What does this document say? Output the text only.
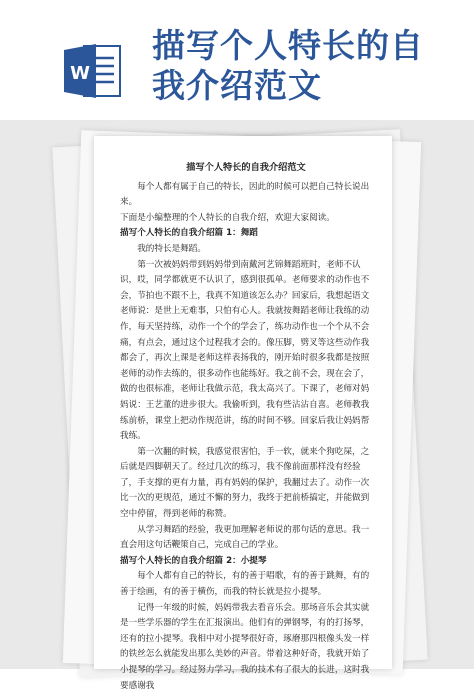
W
描写个人特长的自我介绍范文
描写个人特长的自我介绍范文

每个人都有属于自己的特长，因此的时候可以把自己特长说出来。

下面是小编整理的个人特长的自我介绍，欢迎大家阅读。

描写个人特长的自我介绍篇 1：舞蹈

我的特长是舞蹈。

第一次被妈妈带到妈妈带到南戴河艺锦舞蹈班时，老师不认识，哎，同学都就更不认识了，感到很孤单。老师要求的动作也不会，节拍也不跟不上，我真不知道该怎么办？回家后，我想起语文老师说：是世上无难事，只怕有心人。我就按舞蹈老师让我练的动作，每天坚持练，动作一个个的学会了，练功动作也一个个从不会痛，有点会，通过这个过程我才会的。像压脚，劈叉等这些动作我都会了，再次上课是老师这样表扬我的，刚开始时很多我都是按照老师的动作去练的，很多动作也能练好。我之前不会，现在会了，做的也很标准，老师让我做示范，我太高兴了。下课了，老师对妈妈说：王艺董的进步很大。我偷听到，我有些沾沾自喜。老师教我练前桥，课堂上把动作规范讲，练的时间不够。回家后我让妈妈帮我练。

第一次翻的时候，我感觉很害怕，手一软，就来个狗吃屎，之后就是四脚朝天了。经过几次的练习，我不像前面那样没有经验了，手支撑的更有力量，再有妈妈的保护，我翻过去了。动作一次比一次的更规范，通过不懈的努力，我终于把前桥搞定，并能做到空中停留，得到老师的称赞。

从学习舞蹈的经验，我更加理解老师说的那句话的意思。我一直会用这句话鞭策自己，完成自己的学业。

描写个人特长的自我介绍篇 2：小提琴

每个人都有自己的特长，有的善于唱歌，有的善于跳舞，有的善于绘画，有的善于横伤，而我的特长就是拉小提琴。

记得一年级的时候，妈妈带我去看音乐会。那场音乐会其实就是一些学乐器的学生在汇报演出。他们有的弹钢琴，有的打扬琴，还有的拉小提琴。我相中对小提琴很好奇，琢磨那四根像头发一样的铁丝怎么就能发出那么美妙的声音。带着这种好奇，我就开始了小提琴的学习。经过努力学习，我的技术有了很大的长进，这时我要感谢我
